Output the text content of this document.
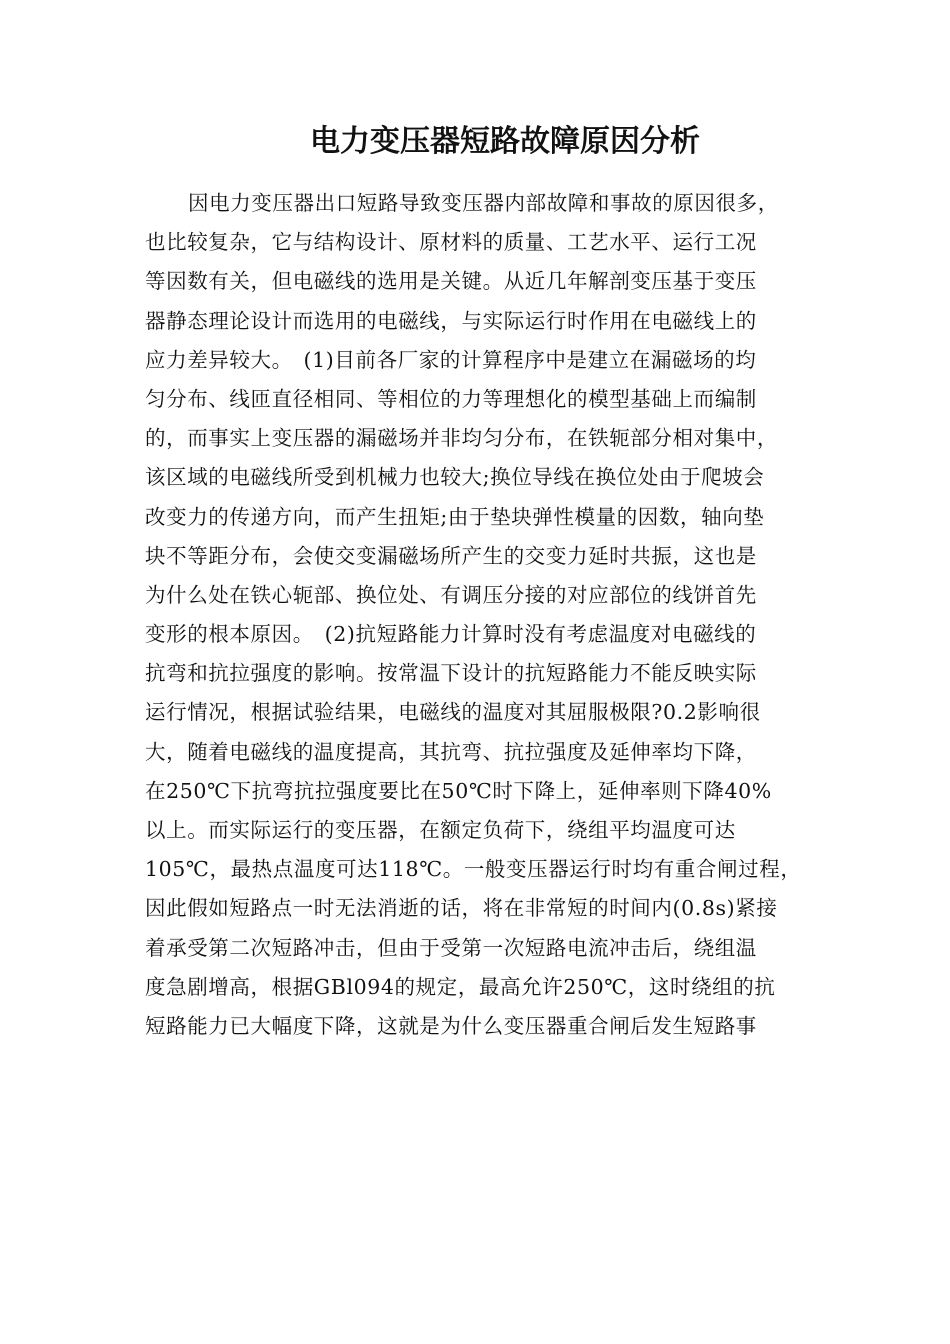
电力变压器短路故障原因分析
因电力变压器出口短路导致变压器内部故障和事故的原因很多，
也比较复杂，它与结构设计、原材料的质量、工艺水平、运行工况
等因数有关，但电磁线的选用是关键。从近几年解剖变压基于变压
器静态理论设计而选用的电磁线，与实际运行时作用在电磁线上的
应力差异较大。　(1)目前各厂家的计算程序中是建立在漏磁场的均
匀分布、线匝直径相同、等相位的力等理想化的模型基础上而编制
的，而事实上变压器的漏磁场并非均匀分布，在铁轭部分相对集中，
该区域的电磁线所受到机械力也较大;换位导线在换位处由于爬坡会
改变力的传递方向，而产生扭矩;由于垫块弹性模量的因数，轴向垫
块不等距分布，会使交变漏磁场所产生的交变力延时共振，这也是
为什么处在铁心轭部、换位处、有调压分接的对应部位的线饼首先
变形的根本原因。　(2)抗短路能力计算时没有考虑温度对电磁线的
抗弯和抗拉强度的影响。按常温下设计的抗短路能力不能反映实际
运行情况，根据试验结果，电磁线的温度对其屈服极限?0.2影响很
大，随着电磁线的温度提高，其抗弯、抗拉强度及延伸率均下降，
在250℃下抗弯抗拉强度要比在50℃时下降上，延伸率则下降40%
以上。而实际运行的变压器，在额定负荷下，绕组平均温度可达
105℃，最热点温度可达118℃。一般变压器运行时均有重合闸过程，
因此假如短路点一时无法消逝的话，将在非常短的时间内(0.8s)紧接
着承受第二次短路冲击，但由于受第一次短路电流冲击后，绕组温
度急剧增高，根据GBl094的规定，最高允许250℃，这时绕组的抗
短路能力已大幅度下降，这就是为什么变压器重合闸后发生短路事
